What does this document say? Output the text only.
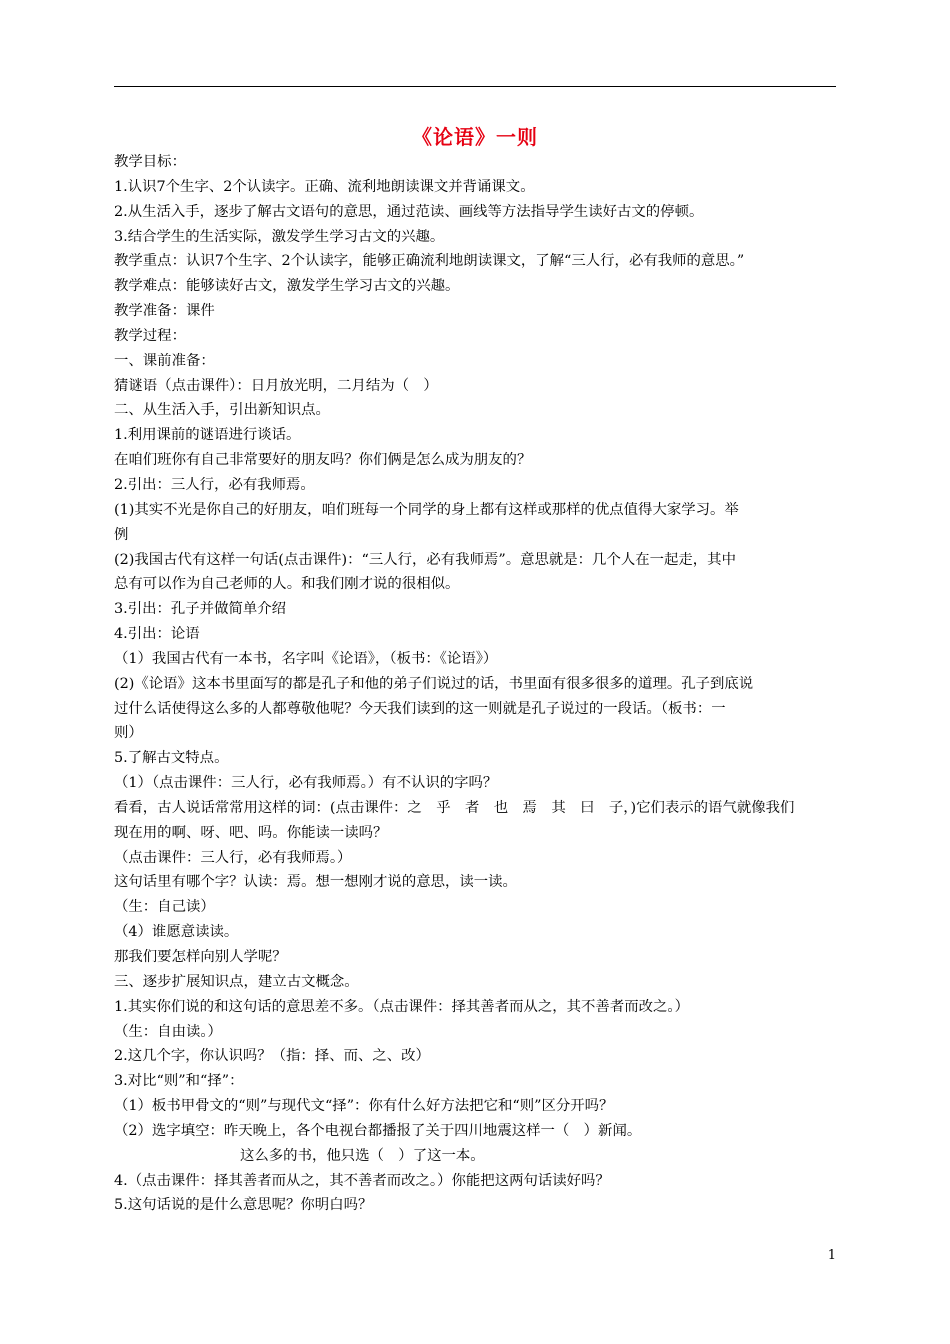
《论语》一则

教学目标：

1.认识7个生字、2个认读字。正确、流利地朗读课文并背诵课文。

2.从生活入手，逐步了解古文语句的意思，通过范读、画线等方法指导学生读好古文的停顿。

3.结合学生的生活实际，激发学生学习古文的兴趣。

教学重点：认识7个生字、2个认读字，能够正确流利地朗读课文，了解“三人行，必有我师的意思。”

教学难点：能够读好古文，激发学生学习古文的兴趣。

教学准备：课件

教学过程：

一、课前准备：

猜谜语（点击课件）：日月放光明，二月结为（　）

二、从生活入手，引出新知识点。

1.利用课前的谜语进行谈话。

在咱们班你有自己非常要好的朋友吗？你们俩是怎么成为朋友的？

2.引出：三人行，必有我师焉。

(1)其实不光是你自己的好朋友，咱们班每一个同学的身上都有这样或那样的优点值得大家学习。举

例

(2)我国古代有这样一句话(点击课件)：“三人行，必有我师焉”。意思就是：几个人在一起走，其中

总有可以作为自己老师的人。和我们刚才说的很相似。

3.引出：孔子并做简单介绍

4.引出：论语

（1）我国古代有一本书，名字叫《论语》，（板书：《论语》）

(2)《论语》这本书里面写的都是孔子和他的弟子们说过的话，书里面有很多很多的道理。孔子到底说

过什么话使得这么多的人都尊敬他呢？今天我们读到的这一则就是孔子说过的一段话。（板书：一

则）

5.了解古文特点。

（1）（点击课件：三人行，必有我师焉。）有不认识的字吗？

看看，古人说话常常用这样的词：(点击课件：之　乎　者　也　焉　其　曰　子，)它们表示的语气就像我们

现在用的啊、呀、吧、吗。你能读一读吗？

（点击课件：三人行，必有我师焉。）

这句话里有哪个字？认读：焉。想一想刚才说的意思，读一读。

（生：自己读）

（4）谁愿意读读。

那我们要怎样向别人学呢？

三、逐步扩展知识点，建立古文概念。

1.其实你们说的和这句话的意思差不多。（点击课件：择其善者而从之，其不善者而改之。）

（生：自由读。）

2.这几个字，你认识吗？（指：择、而、之、改）

3.对比“则”和“择”：

（1）板书甲骨文的“则”与现代文“择”：你有什么好方法把它和“则”区分开吗？

（2）选字填空：昨天晚上，各个电视台都播报了关于四川地震这样一（　）新闻。

这么多的书，他只选（　）了这一本。

4.（点击课件：择其善者而从之，其不善者而改之。）你能把这两句话读好吗？

5.这句话说的是什么意思呢？你明白吗？

1
